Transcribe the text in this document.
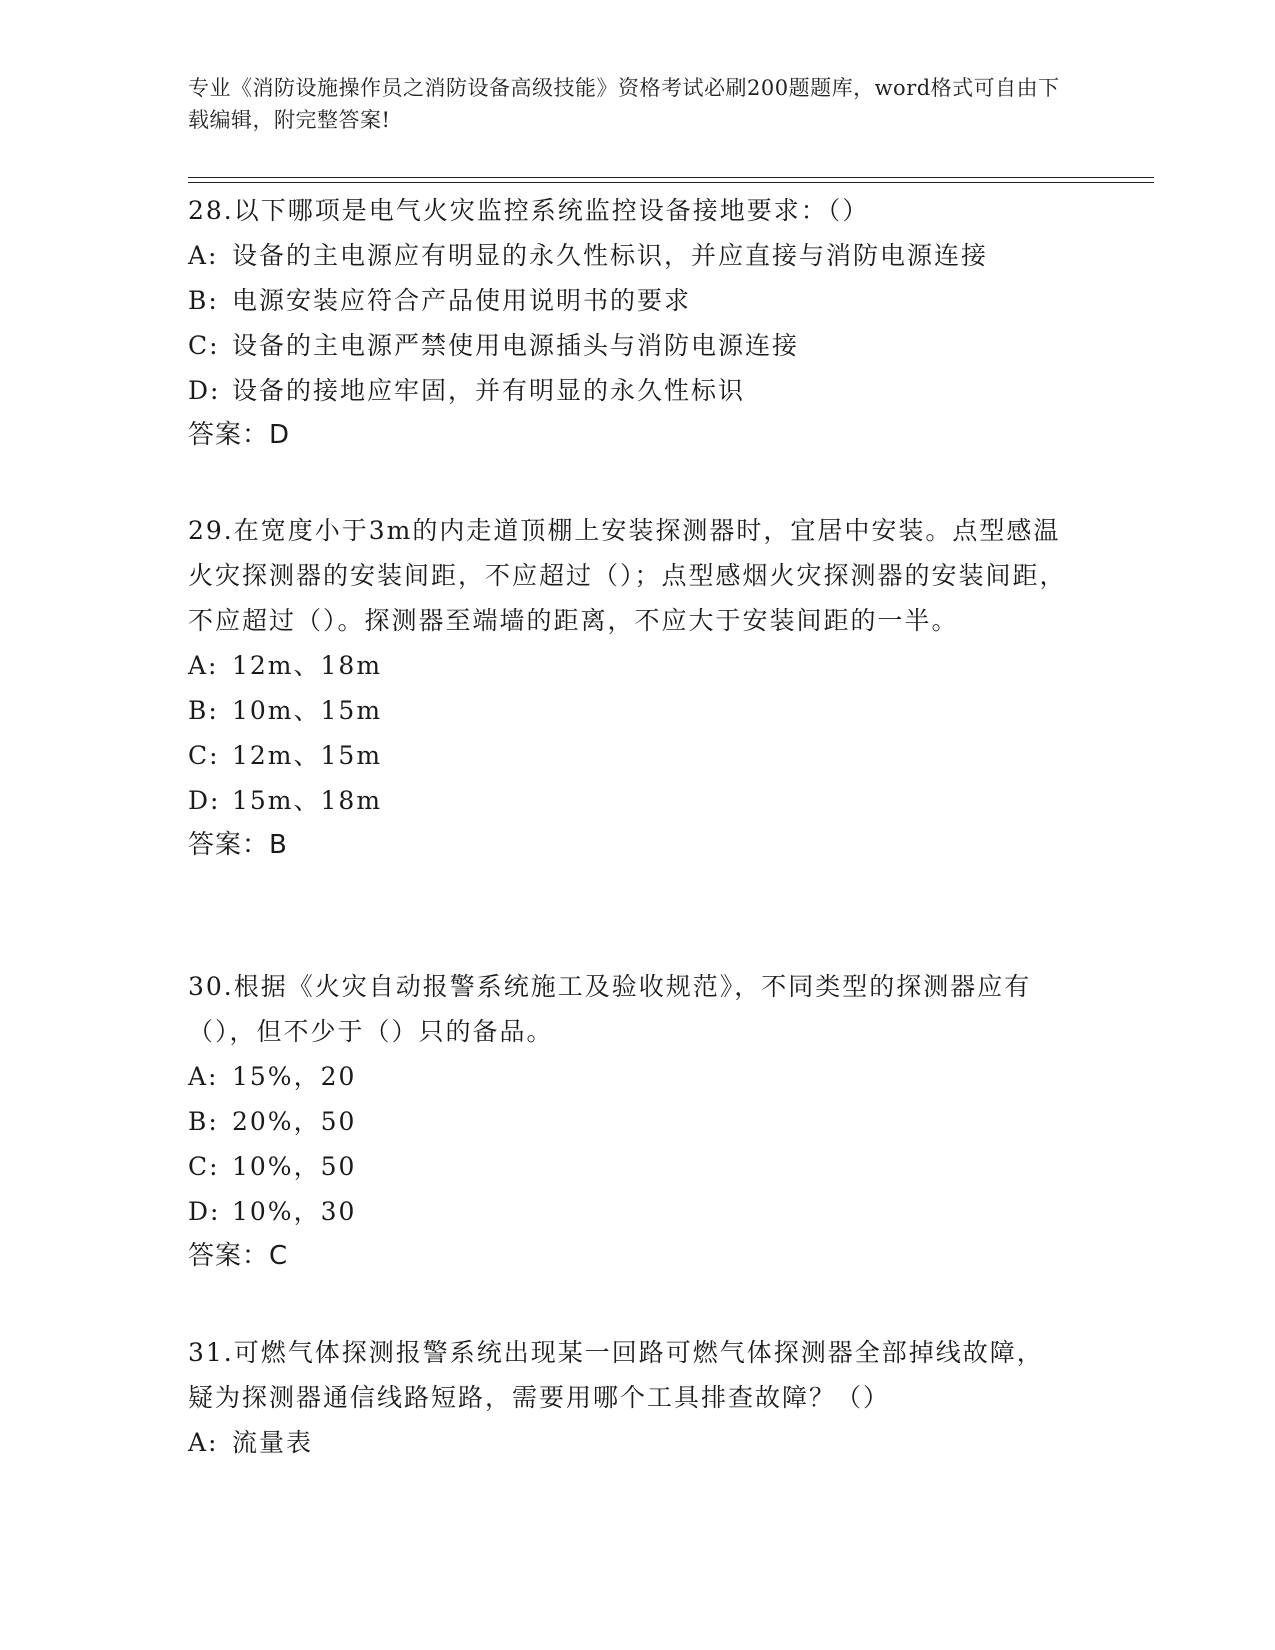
专业《消防设施操作员之消防设备高级技能》资格考试必刷200题题库，word格式可自由下载编辑，附完整答案!

28.以下哪项是电气火灾监控系统监控设备接地要求：（）

A: 设备的主电源应有明显的永久性标识，并应直接与消防电源连接

B: 电源安装应符合产品使用说明书的要求

C: 设备的主电源严禁使用电源插头与消防电源连接

D: 设备的接地应牢固，并有明显的永久性标识

答案：D

29.在宽度小于3m的内走道顶棚上安装探测器时，宜居中安装。点型感温火灾探测器的安装间距，不应超过（）；点型感烟火灾探测器的安装间距，不应超过（）。探测器至端墙的距离，不应大于安装间距的一半。

A: 12m、18m

B: 10m、15m

C: 12m、15m

D: 15m、18m

答案：B

30.根据《火灾自动报警系统施工及验收规范》，不同类型的探测器应有（），但不少于（）只的备品。

A: 15%，20

B: 20%，50

C: 10%，50

D: 10%，30

答案：C

31.可燃气体探测报警系统出现某一回路可燃气体探测器全部掉线故障，疑为探测器通信线路短路，需要用哪个工具排查故障？（）

A: 流量表
